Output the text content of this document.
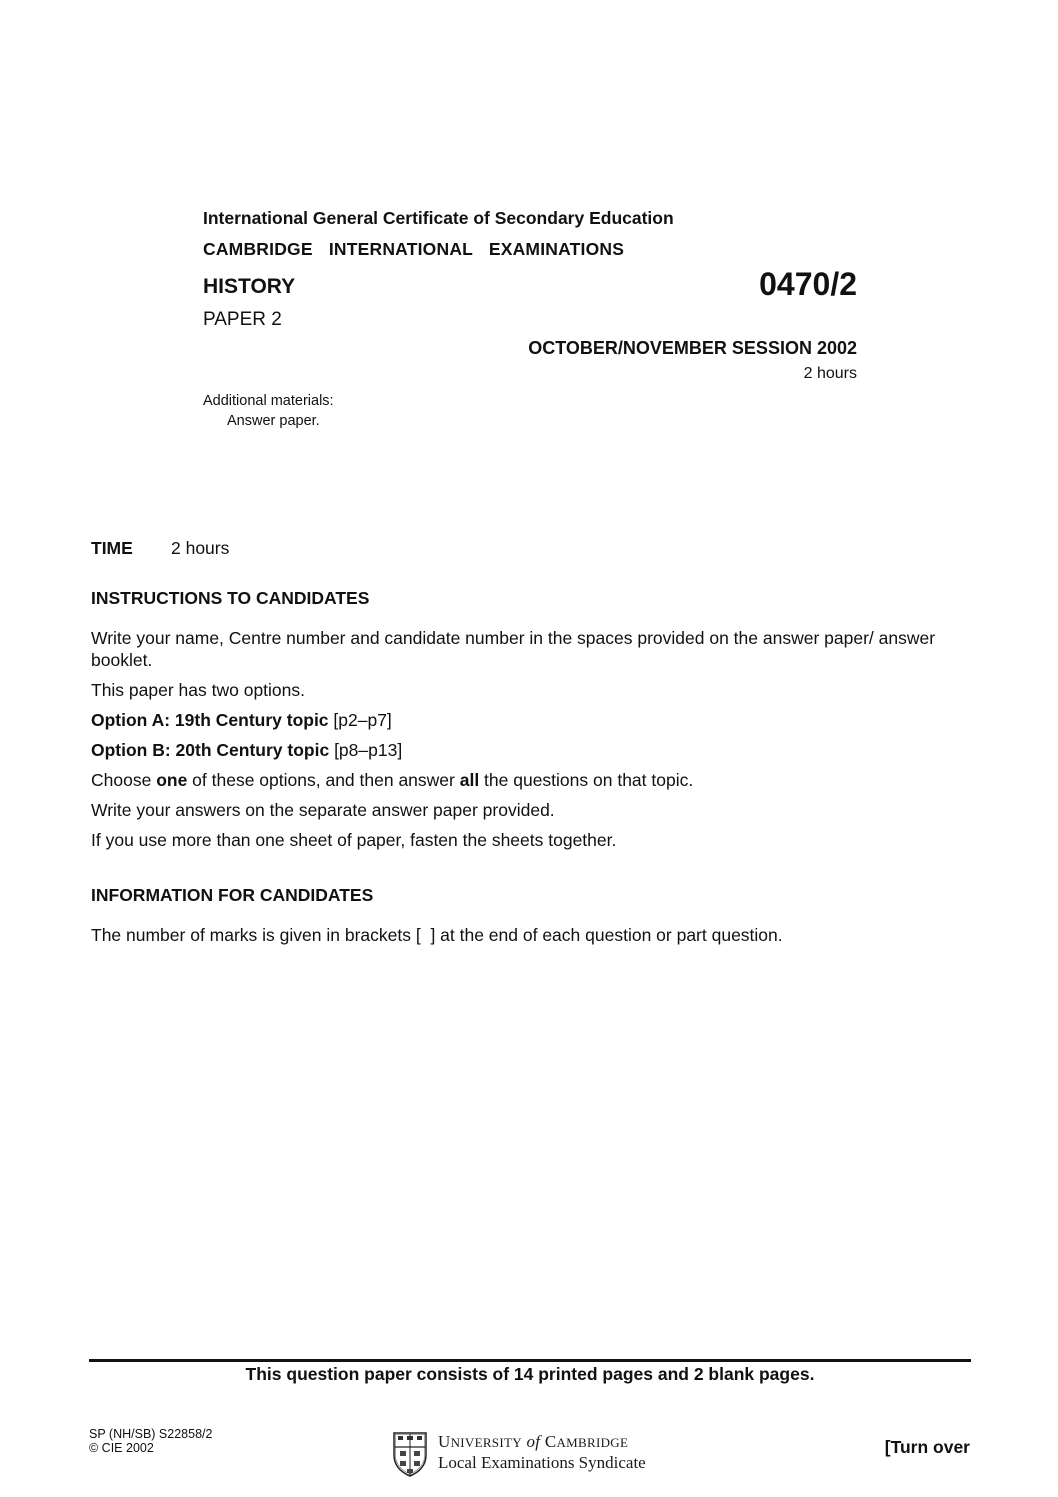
International General Certificate of Secondary Education
CAMBRIDGE  INTERNATIONAL  EXAMINATIONS
HISTORY	0470/2
PAPER 2
OCTOBER/NOVEMBER SESSION 2002
2 hours
Additional materials:
Answer paper.
TIME 2 hours
INSTRUCTIONS TO CANDIDATES
Write your name, Centre number and candidate number in the spaces provided on the answer paper/ answer booklet.
This paper has two options.
Option A: 19th Century topic [p2–p7]
Option B: 20th Century topic [p8–p13]
Choose one of these options, and then answer all the questions on that topic.
Write your answers on the separate answer paper provided.
If you use more than one sheet of paper, fasten the sheets together.
INFORMATION FOR CANDIDATES
The number of marks is given in brackets [  ] at the end of each question or part question.
This question paper consists of 14 printed pages and 2 blank pages.
SP (NH/SB) S22858/2
© CIE 2002	UNIVERSITY of CAMBRIDGE
Local Examinations Syndicate
[Turn over
